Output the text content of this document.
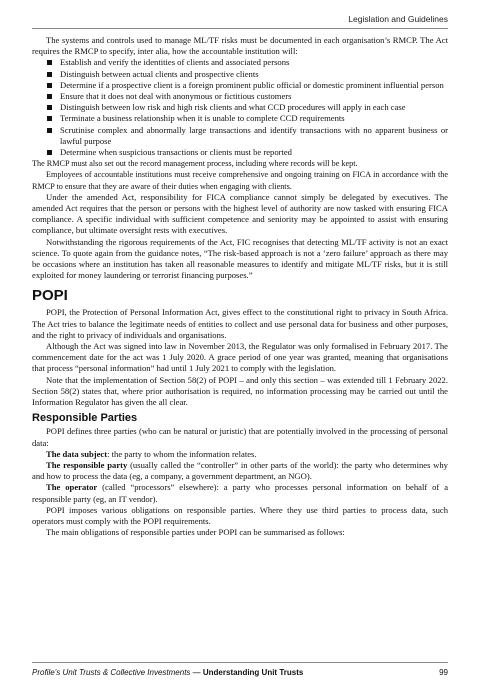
Legislation and Guidelines

The systems and controls used to manage ML/TF risks must be documented in each organisation’s RMCP. The Act requires the RMCP to specify, inter alia, how the accountable institution will:

Establish and verify the identities of clients and associated persons
Distinguish between actual clients and prospective clients
Determine if a prospective client is a foreign prominent public official or domestic prominent influential person
Ensure that it does not deal with anonymous or fictitious customers
Distinguish between low risk and high risk clients and what CCD procedures will apply in each case
Terminate a business relationship when it is unable to complete CCD requirements
Scrutinise complex and abnormally large transactions and identify transactions with no apparent business or lawful purpose
Determine when suspicious transactions or clients must be reported

The RMCP must also set out the record management process, including where records will be kept.

Employees of accountable institutions must receive comprehensive and ongoing training on FICA in accordance with the RMCP to ensure that they are aware of their duties when engaging with clients.

Under the amended Act, responsibility for FICA compliance cannot simply be delegated by executives. The amended Act requires that the person or persons with the highest level of authority are now tasked with ensuring FICA compliance. A specific individual with sufficient competence and seniority may be appointed to assist with ensuring compliance, but ultimate oversight rests with executives.

Notwithstanding the rigorous requirements of the Act, FIC recognises that detecting ML/TF activity is not an exact science. To quote again from the guidance notes, “The risk-based approach is not a ‘zero failure’ approach as there may be occasions where an institution has taken all reasonable measures to identify and mitigate ML/TF risks, but it is still exploited for money laundering or terrorist financing purposes.”

POPI

POPI, the Protection of Personal Information Act, gives effect to the constitutional right to privacy in South Africa. The Act tries to balance the legitimate needs of entities to collect and use personal data for business and other purposes, and the right to privacy of individuals and organisations.

Although the Act was signed into law in November 2013, the Regulator was only formalised in February 2017. The commencement date for the act was 1 July 2020. A grace period of one year was granted, meaning that organisations that process “personal information” had until 1 July 2021 to comply with the legislation.

Note that the implementation of Section 58(2) of POPI – and only this section – was extended till 1 February 2022. Section 58(2) states that, where prior authorisation is required, no information processing may be carried out until the Information Regulator has given the all clear.

Responsible Parties

POPI defines three parties (who can be natural or juristic) that are potentially involved in the processing of personal data:

The data subject: the party to whom the information relates.

The responsible party (usually called the “controller” in other parts of the world): the party who determines why and how to process the data (eg, a company, a government department, an NGO).

The operator (called “processors” elsewhere): a party who processes personal information on behalf of a responsible party (eg, an IT vendor).

POPI imposes various obligations on responsible parties. Where they use third parties to process data, such operators must comply with the POPI requirements.

The main obligations of responsible parties under POPI can be summarised as follows:

Profile’s Unit Trusts & Collective Investments — Understanding Unit Trusts	99
